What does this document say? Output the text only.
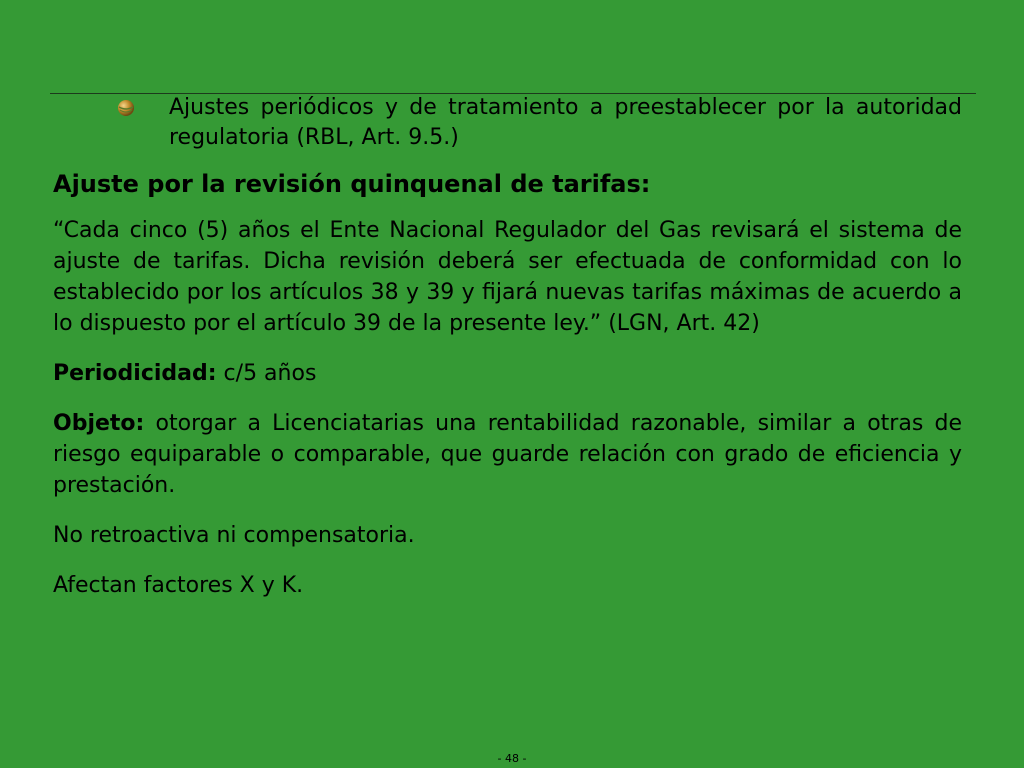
Ajustes periódicos y de tratamiento a preestablecer por la autoridad regulatoria (RBL, Art. 9.5.)
Ajuste por la revisión quinquenal de tarifas:

“Cada cinco (5) años el Ente Nacional Regulador del Gas revisará el sistema de ajuste de tarifas. Dicha revisión deberá ser efectuada de conformidad con lo establecido por los artículos 38 y 39 y fijará nuevas tarifas máximas de acuerdo a lo dispuesto por el artículo 39 de la presente ley.” (LGN, Art. 42)

Periodicidad: c/5 años

Objeto: otorgar a Licenciatarias una rentabilidad razonable, similar a otras de riesgo equiparable o comparable, que guarde relación con grado de eficiencia y prestación.

No retroactiva ni compensatoria.

Afectan factores X y K.

- 48 -
